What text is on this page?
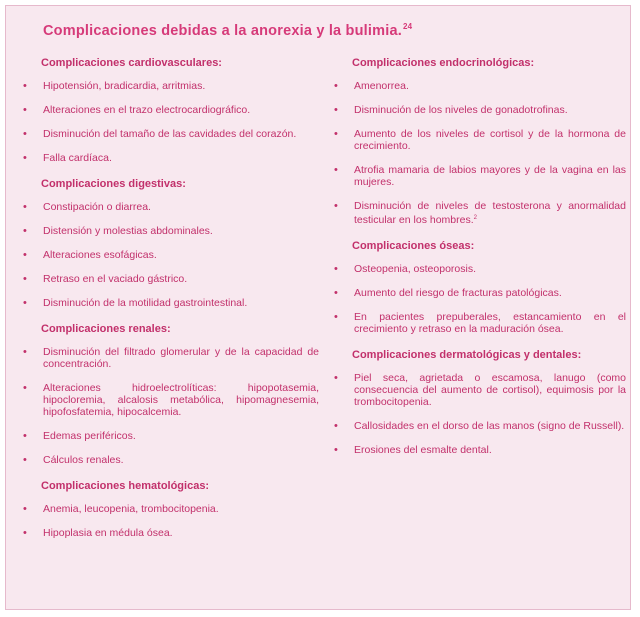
Complicaciones debidas a la anorexia y la bulimia.$^{24}$
Complicaciones cardiovasculares:
• Hipotensión, bradicardia, arritmias.
• Alteraciones en el trazo electrocardiográfico.
• Disminución del tamaño de las cavidades del corazón.
• Falla cardíaca.
Complicaciones digestivas:
• Constipación o diarrea.
• Distensión y molestias abdominales.
• Alteraciones esofágicas.
• Retraso en el vaciado gástrico.
• Disminución de la motilidad gastrointestinal.
Complicaciones renales:
• Disminución del filtrado glomerular y de la capacidad de concentración.
• Alteraciones hidroelectrolíticas: hipopotasemia, hipocloremia, alcalosis metabólica, hipomagnesemia, hipofosfatemia, hipocalcemia.
• Edemas periféricos.
• Cálculos renales.
Complicaciones hematológicas:
• Anemia, leucopenia, trombocitopenia.
• Hipoplasia en médula ósea.
Complicaciones endocrinológicas:
• Amenorrea.
• Disminución de los niveles de gonadotrofinas.
• Aumento de los niveles de cortisol y de la hormona de crecimiento.
• Atrofia mamaria de labios mayores y de la vagina en las mujeres.
• Disminución de niveles de testosterona y anormalidad testicular en los hombres.$^2$
Complicaciones óseas:
• Osteopenia, osteoporosis.
• Aumento del riesgo de fracturas patológicas.
• En pacientes prepuberales, estancamiento en el crecimiento y retraso en la maduración ósea.
Complicaciones dermatológicas y dentales:
• Piel seca, agrietada o escamosa, lanugo (como consecuencia del aumento de cortisol), equimosis por la trombocitopenia.
• Callosidades en el dorso de las manos (signo de Russell).
• Erosiones del esmalte dental.
